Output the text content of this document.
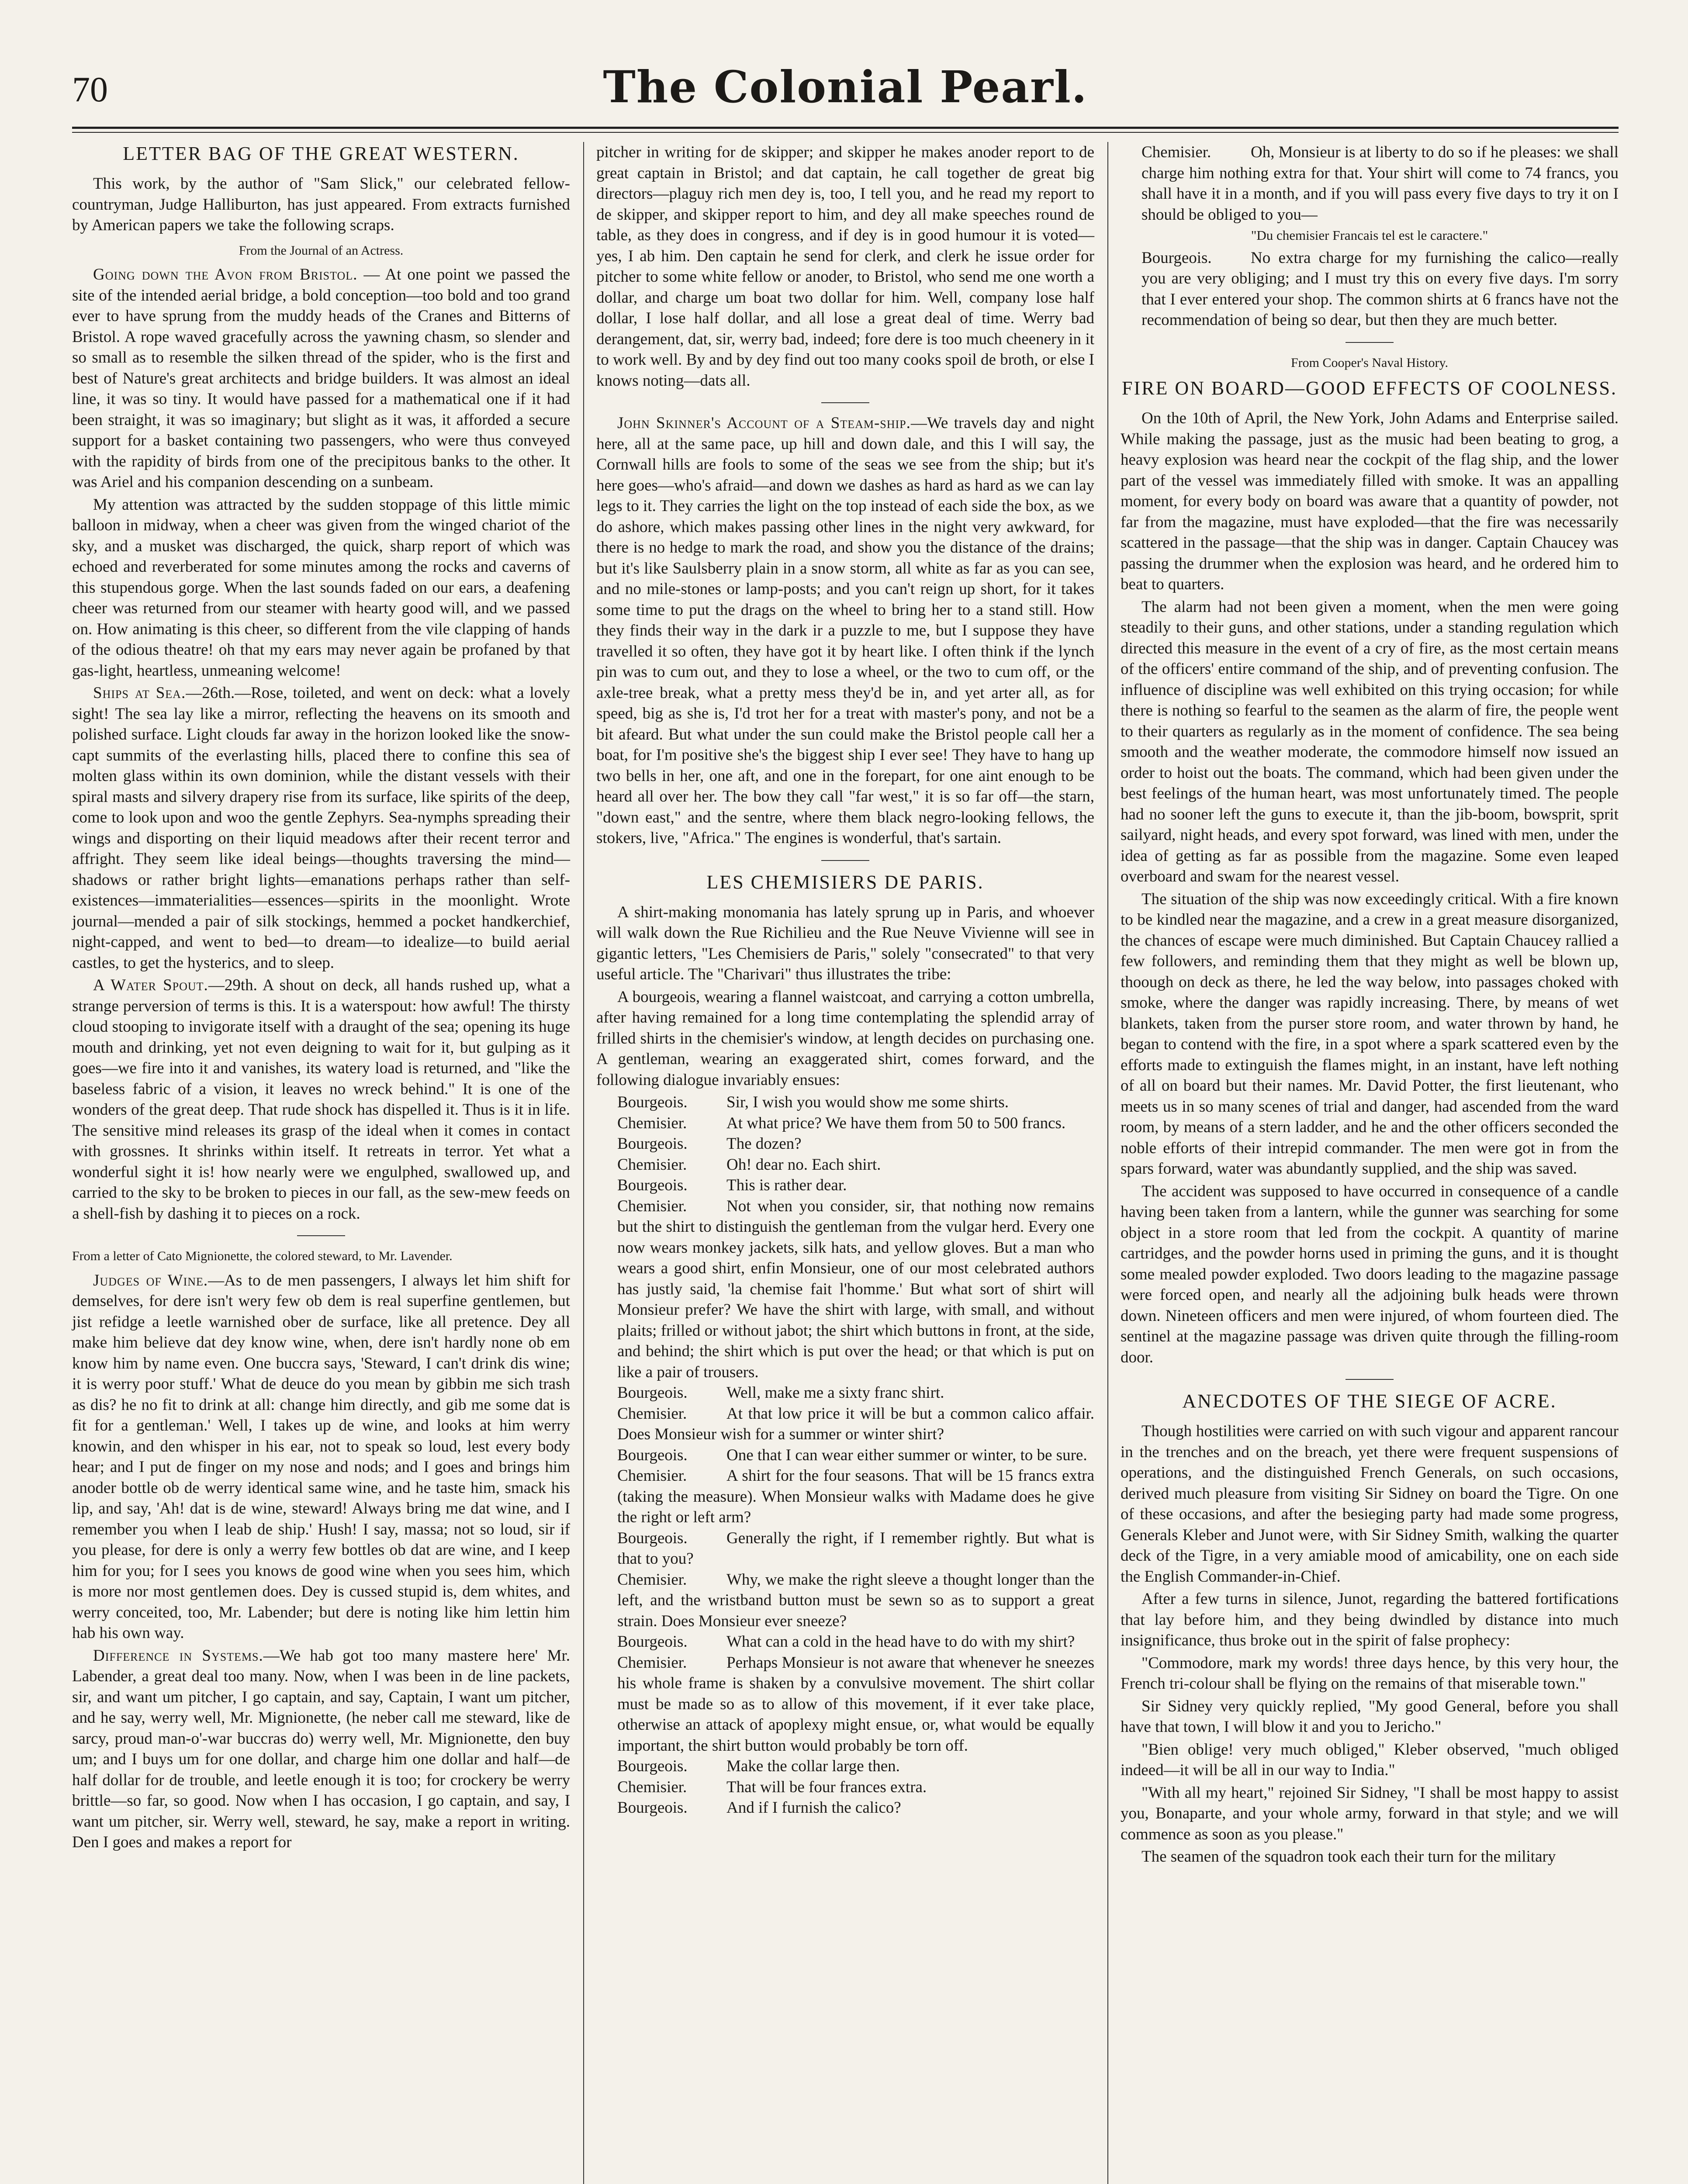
70	The Colonial Pearl.
LETTER BAG OF THE GREAT WESTERN.

This work, by the author of "Sam Slick," our celebrated fellow-countryman, Judge Halliburton, has just appeared. From extracts furnished by American papers we take the following scraps.

From the Journal of an Actress.

Going down the Avon from Bristol. — At one point we passed the site of the intended aerial bridge, a bold conception—too bold and too grand ever to have sprung from the muddy heads of the Cranes and Bitterns of Bristol. A rope waved gracefully across the yawning chasm, so slender and so small as to resemble the silken thread of the spider, who is the first and best of Nature's great architects and bridge builders. It was almost an ideal line, it was so tiny. It would have passed for a mathematical one if it had been straight, it was so imaginary; but slight as it was, it afforded a secure support for a basket containing two passengers, who were thus conveyed with the rapidity of birds from one of the precipitous banks to the other. It was Ariel and his companion descending on a sunbeam.

My attention was attracted by the sudden stoppage of this little mimic balloon in midway, when a cheer was given from the winged chariot of the sky, and a musket was discharged, the quick, sharp report of which was echoed and reverberated for some minutes among the rocks and caverns of this stupendous gorge. When the last sounds faded on our ears, a deafening cheer was returned from our steamer with hearty good will, and we passed on. How animating is this cheer, so different from the vile clapping of hands of the odious theatre! oh that my ears may never again be profaned by that gas-light, heartless, unmeaning welcome!

Ships at Sea.—26th.—Rose, toileted, and went on deck: what a lovely sight! The sea lay like a mirror, reflecting the heavens on its smooth and polished surface. Light clouds far away in the horizon looked like the snow-capt summits of the everlasting hills, placed there to confine this sea of molten glass within its own dominion, while the distant vessels with their spiral masts and silvery drapery rise from its surface, like spirits of the deep, come to look upon and woo the gentle Zephyrs. Sea-nymphs spreading their wings and disporting on their liquid meadows after their recent terror and affright. They seem like ideal beings—thoughts traversing the mind—shadows or rather bright lights—emanations perhaps rather than self-existences—immaterialities—essences—spirits in the moonlight. Wrote journal—mended a pair of silk stockings, hemmed a pocket handkerchief, night-capped, and went to bed—to dream—to idealize—to build aerial castles, to get the hysterics, and to sleep.

A Water Spout.—29th. A shout on deck, all hands rushed up, what a strange perversion of terms is this. It is a waterspout: how awful! The thirsty cloud stooping to invigorate itself with a draught of the sea; opening its huge mouth and drinking, yet not even deigning to wait for it, but gulping as it goes—we fire into it and vanishes, its watery load is returned, and "like the baseless fabric of a vision, it leaves no wreck behind." It is one of the wonders of the great deep. That rude shock has dispelled it. Thus is it in life. The sensitive mind releases its grasp of the ideal when it comes in contact with grossnes. It shrinks within itself. It retreats in terror. Yet what a wonderful sight it is! how nearly were we engulphed, swallowed up, and carried to the sky to be broken to pieces in our fall, as the sew-mew feeds on a shell-fish by dashing it to pieces on a rock.

From a letter of Cato Mignionette, the colored steward, to Mr. Lavender.

Judges of Wine.—As to de men passengers, I always let him shift for demselves, for dere isn't wery few ob dem is real superfine gentlemen, but jist refidge a leetle warnished ober de surface, like all pretence. Dey all make him believe dat dey know wine, when, dere isn't hardly none ob em know him by name even. One buccra says, 'Steward, I can't drink dis wine; it is werry poor stuff.' What de deuce do you mean by gibbin me sich trash as dis? he no fit to drink at all: change him directly, and gib me some dat is fit for a gentleman.' Well, I takes up de wine, and looks at him werry knowin, and den whisper in his ear, not to speak so loud, lest every body hear; and I put de finger on my nose and nods; and I goes and brings him anoder bottle ob de werry identical same wine, and he taste him, smack his lip, and say, 'Ah! dat is de wine, steward! Always bring me dat wine, and I remember you when I leab de ship.' Hush! I say, massa; not so loud, sir if you please, for dere is only a werry few bottles ob dat are wine, and I keep him for you; for I sees you knows de good wine when you sees him, which is more nor most gentlemen does. Dey is cussed stupid is, dem whites, and werry conceited, too, Mr. Labender; but dere is noting like him lettin him hab his own way.

Difference in Systems.—We hab got too many mastere here' Mr. Labender, a great deal too many. Now, when I was been in de line packets, sir, and want um pitcher, I go captain, and say, Captain, I want um pitcher, and he say, werry well, Mr. Mignionette, (he neber call me steward, like de sarcy, proud man-o'-war buccras do) werry well, Mr. Mignionette, den buy um; and I buys um for one dollar, and charge him one dollar and half—de half dollar for de trouble, and leetle enough it is too; for crockery be werry brittle—so far, so good. Now when I has occasion, I go captain, and say, I want um pitcher, sir. Werry well, steward, he say, make a report in writing. Den I goes and makes a report for

pitcher in writing for de skipper; and skipper he makes anoder report to de great captain in Bristol; and dat captain, he call together de great big directors—plaguy rich men dey is, too, I tell you, and he read my report to de skipper, and skipper report to him, and dey all make speeches round de table, as they does in congress, and if dey is in good humour it is voted—yes, I ab him. Den captain he send for clerk, and clerk he issue order for pitcher to some white fellow or anoder, to Bristol, who send me one worth a dollar, and charge um boat two dollar for him. Well, company lose half dollar, I lose half dollar, and all lose a great deal of time. Werry bad derangement, dat, sir, werry bad, indeed; fore dere is too much cheenery in it to work well. By and by dey find out too many cooks spoil de broth, or else I knows noting—dats all.

John Skinner's Account of a Steam-ship.—We travels day and night here, all at the same pace, up hill and down dale, and this I will say, the Cornwall hills are fools to some of the seas we see from the ship; but it's here goes—who's afraid—and down we dashes as hard as hard as we can lay legs to it. They carries the light on the top instead of each side the box, as we do ashore, which makes passing other lines in the night very awkward, for there is no hedge to mark the road, and show you the distance of the drains; but it's like Saulsberry plain in a snow storm, all white as far as you can see, and no mile-stones or lamp-posts; and you can't reign up short, for it takes some time to put the drags on the wheel to bring her to a stand still. How they finds their way in the dark ir a puzzle to me, but I suppose they have travelled it so often, they have got it by heart like. I often think if the lynch pin was to cum out, and they to lose a wheel, or the two to cum off, or the axle-tree break, what a pretty mess they'd be in, and yet arter all, as for speed, big as she is, I'd trot her for a treat with master's pony, and not be a bit afeard. But what under the sun could make the Bristol people call her a boat, for I'm positive she's the biggest ship I ever see! They have to hang up two bells in her, one aft, and one in the forepart, for one aint enough to be heard all over her. The bow they call "far west," it is so far off—the starn, "down east," and the sentre, where them black negro-looking fellows, the stokers, live, "Africa." The engines is wonderful, that's sartain.

LES CHEMISIERS DE PARIS.

A shirt-making monomania has lately sprung up in Paris, and whoever will walk down the Rue Richilieu and the Rue Neuve Vivienne will see in gigantic letters, "Les Chemisiers de Paris," solely "consecrated" to that very useful article. The "Charivari" thus illustrates the tribe:

A bourgeois, wearing a flannel waistcoat, and carrying a cotton umbrella, after having remained for a long time contemplating the splendid array of frilled shirts in the chemisier's window, at length decides on purchasing one. A gentleman, wearing an exaggerated shirt, comes forward, and the following dialogue invariably ensues:

Bourgeois. Sir, I wish you would show me some shirts.

Chemisier. At what price? We have them from 50 to 500 francs.

Bourgeois. The dozen?

Chemisier. Oh! dear no. Each shirt.

Bourgeois. This is rather dear.

Chemisier. Not when you consider, sir, that nothing now remains but the shirt to distinguish the gentleman from the vulgar herd. Every one now wears monkey jackets, silk hats, and yellow gloves. But a man who wears a good shirt, enfin Monsieur, one of our most celebrated authors has justly said, 'la chemise fait l'homme.' But what sort of shirt will Monsieur prefer? We have the shirt with large, with small, and without plaits; frilled or without jabot; the shirt which buttons in front, at the side, and behind; the shirt which is put over the head; or that which is put on like a pair of trousers.

Bourgeois. Well, make me a sixty franc shirt.

Chemisier. At that low price it will be but a common calico affair. Does Monsieur wish for a summer or winter shirt?

Bourgeois. One that I can wear either summer or winter, to be sure.

Chemisier. A shirt for the four seasons. That will be 15 francs extra (taking the measure). When Monsieur walks with Madame does he give the right or left arm?

Bourgeois. Generally the right, if I remember rightly. But what is that to you?

Chemisier. Why, we make the right sleeve a thought longer than the left, and the wristband button must be sewn so as to support a great strain. Does Monsieur ever sneeze?

Bourgeois. What can a cold in the head have to do with my shirt?

Chemisier. Perhaps Monsieur is not aware that whenever he sneezes his whole frame is shaken by a convulsive movement. The shirt collar must be made so as to allow of this movement, if it ever take place, otherwise an attack of apoplexy might ensue, or, what would be equally important, the shirt button would probably be torn off.

Bourgeois. Make the collar large then.

Chemisier. That will be four frances extra.

Bourgeois. And if I furnish the calico?

Chemisier. Oh, Monsieur is at liberty to do so if he pleases: we shall charge him nothing extra for that. Your shirt will come to 74 francs, you shall have it in a month, and if you will pass every five days to try it on I should be obliged to you—

"Du chemisier Francais tel est le caractere."

Bourgeois. No extra charge for my furnishing the calico—really you are very obliging; and I must try this on every five days. I'm sorry that I ever entered your shop. The common shirts at 6 francs have not the recommendation of being so dear, but then they are much better.

From Cooper's Naval History.
FIRE ON BOARD—GOOD EFFECTS OF COOLNESS.

On the 10th of April, the New York, John Adams and Enterprise sailed. While making the passage, just as the music had been beating to grog, a heavy explosion was heard near the cockpit of the flag ship, and the lower part of the vessel was immediately filled with smoke. It was an appalling moment, for every body on board was aware that a quantity of powder, not far from the magazine, must have exploded—that the fire was necessarily scattered in the passage—that the ship was in danger. Captain Chaucey was passing the drummer when the explosion was heard, and he ordered him to beat to quarters.

The alarm had not been given a moment, when the men were going steadily to their guns, and other stations, under a standing regulation which directed this measure in the event of a cry of fire, as the most certain means of the officers' entire command of the ship, and of preventing confusion. The influence of discipline was well exhibited on this trying occasion; for while there is nothing so fearful to the seamen as the alarm of fire, the people went to their quarters as regularly as in the moment of confidence. The sea being smooth and the weather moderate, the commodore himself now issued an order to hoist out the boats. The command, which had been given under the best feelings of the human heart, was most unfortunately timed. The people had no sooner left the guns to execute it, than the jib-boom, bowsprit, sprit sailyard, night heads, and every spot forward, was lined with men, under the idea of getting as far as possible from the magazine. Some even leaped overboard and swam for the nearest vessel.

The situation of the ship was now exceedingly critical. With a fire known to be kindled near the magazine, and a crew in a great measure disorganized, the chances of escape were much diminished. But Captain Chaucey rallied a few followers, and reminding them that they might as well be blown up, thoough on deck as there, he led the way below, into passages choked with smoke, where the danger was rapidly increasing. There, by means of wet blankets, taken from the purser store room, and water thrown by hand, he began to contend with the fire, in a spot where a spark scattered even by the efforts made to extinguish the flames might, in an instant, have left nothing of all on board but their names. Mr. David Potter, the first lieutenant, who meets us in so many scenes of trial and danger, had ascended from the ward room, by means of a stern ladder, and he and the other officers seconded the noble efforts of their intrepid commander. The men were got in from the spars forward, water was abundantly supplied, and the ship was saved.

The accident was supposed to have occurred in consequence of a candle having been taken from a lantern, while the gunner was searching for some object in a store room that led from the cockpit. A quantity of marine cartridges, and the powder horns used in priming the guns, and it is thought some mealed powder exploded. Two doors leading to the magazine passage were forced open, and nearly all the adjoining bulk heads were thrown down. Nineteen officers and men were injured, of whom fourteen died. The sentinel at the magazine passage was driven quite through the filling-room door.

ANECDOTES OF THE SIEGE OF ACRE.

Though hostilities were carried on with such vigour and apparent rancour in the trenches and on the breach, yet there were frequent suspensions of operations, and the distinguished French Generals, on such occasions, derived much pleasure from visiting Sir Sidney on board the Tigre. On one of these occasions, and after the besieging party had made some progress, Generals Kleber and Junot were, with Sir Sidney Smith, walking the quarter deck of the Tigre, in a very amiable mood of amicability, one on each side the English Commander-in-Chief.

After a few turns in silence, Junot, regarding the battered fortifications that lay before him, and they being dwindled by distance into much insignificance, thus broke out in the spirit of false prophecy:

"Commodore, mark my words! three days hence, by this very hour, the French tri-colour shall be flying on the remains of that miserable town."

Sir Sidney very quickly replied, "My good General, before you shall have that town, I will blow it and you to Jericho."

"Bien oblige! very much obliged," Kleber observed, "much obliged indeed—it will be all in our way to India."

"With all my heart," rejoined Sir Sidney, "I shall be most happy to assist you, Bonaparte, and your whole army, forward in that style; and we will commence as soon as you please."

The seamen of the squadron took each their turn for the military
